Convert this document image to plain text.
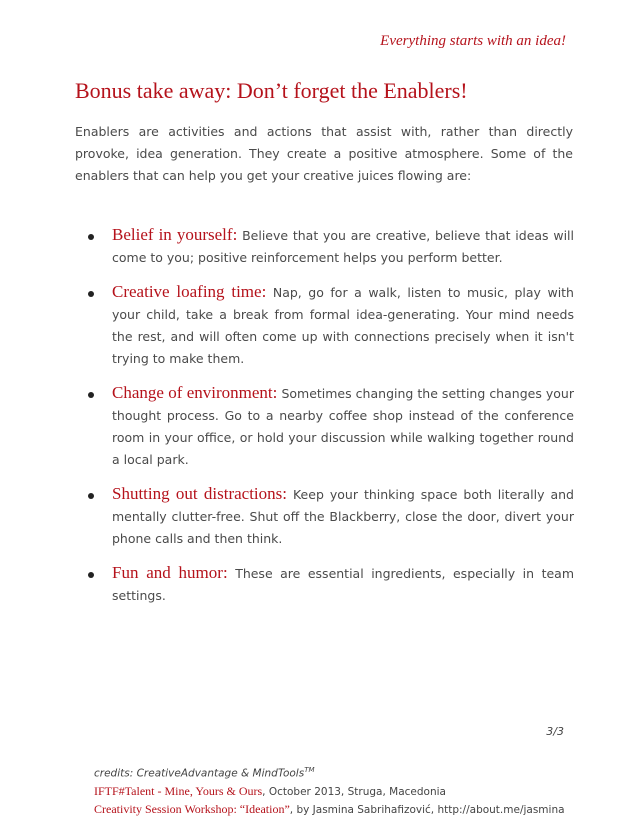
Everything starts with an idea!
Bonus take away: Don’t forget the Enablers!
Enablers are activities and actions that assist with, rather than directly provoke, idea generation. They create a positive atmosphere. Some of the enablers that can help you get your creative juices flowing are:
Belief in yourself: Believe that you are creative, believe that ideas will come to you; positive reinforcement helps you perform better.
Creative loafing time: Nap, go for a walk, listen to music, play with your child, take a break from formal idea-generating. Your mind needs the rest, and will often come up with connections precisely when it isn't trying to make them.
Change of environment: Sometimes changing the setting changes your thought process. Go to a nearby coffee shop instead of the conference room in your office, or hold your discussion while walking together round a local park.
Shutting out distractions: Keep your thinking space both literally and mentally clutter-free. Shut off the Blackberry, close the door, divert your phone calls and then think.
Fun and humor: These are essential ingredients, especially in team settings.
3/3
credits: CreativeAdvantage & MindTools™
IFTF#Talent - Mine, Yours & Ours, October 2013, Struga, Macedonia
Creativity Session Workshop: “Ideation”, by Jasmina Sabrihafizović, http://about.me/jasmina
